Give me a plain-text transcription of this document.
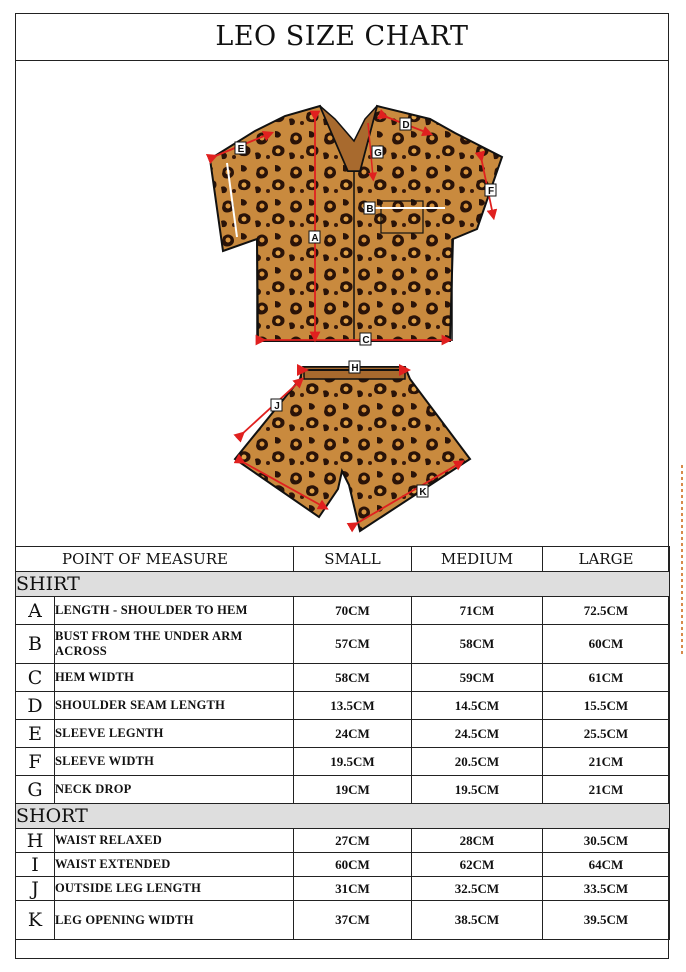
LEO SIZE CHART
A
B
C
D
E
F
G
H
J
K
POINT OF MEASURE		SMALL	MEDIUM	LARGE
SHIRT				
A	LENGTH - SHOULDER TO HEM	70CM	71CM	72.5CM
B	BUST FROM THE UNDER ARM ACROSS	57CM	58CM	60CM
C	HEM WIDTH	58CM	59CM	61CM
D	SHOULDER SEAM LENGTH	13.5CM	14.5CM	15.5CM
E	SLEEVE LEGNTH	24CM	24.5CM	25.5CM
F	SLEEVE WIDTH	19.5CM	20.5CM	21CM
G	NECK DROP	19CM	19.5CM	21CM
SHORT				
H	WAIST RELAXED	27CM	28CM	30.5CM
I	WAIST EXTENDED	60CM	62CM	64CM
J	OUTSIDE LEG LENGTH	31CM	32.5CM	33.5CM
K	LEG OPENING WIDTH	37CM	38.5CM	39.5CM
